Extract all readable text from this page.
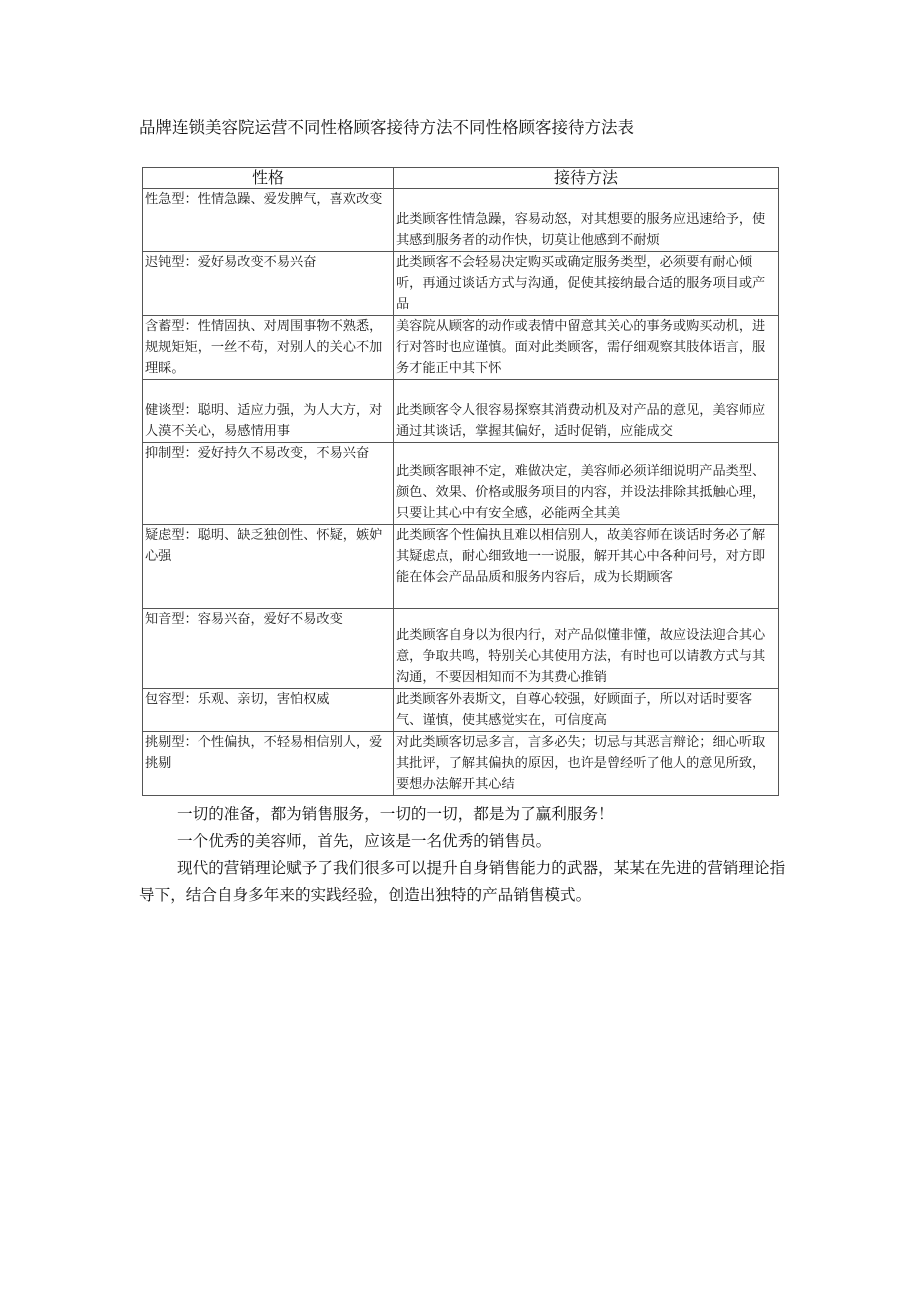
品牌连锁美容院运营不同性格顾客接待方法不同性格顾客接待方法表
性格	接待方法
性急型：性情急躁、爱发脾气，喜欢改变	此类顾客性情急躁，容易动怒，对其想要的服务应迅速给予，使其感到服务者的动作快，切莫让他感到不耐烦
迟钝型：爱好易改变不易兴奋	此类顾客不会轻易决定购买或确定服务类型，必须要有耐心倾听，再通过谈话方式与沟通，促使其接纳最合适的服务项目或产品
含蓄型：性情固执、对周围事物不熟悉，规规矩矩，一丝不苟，对别人的关心不加理睬。	美容院从顾客的动作或表情中留意其关心的事务或购买动机，进行对答时也应谨慎。面对此类顾客，需仔细观察其肢体语言，服务才能正中其下怀
健谈型：聪明、适应力强，为人大方，对人漠不关心，易感情用事	此类顾客令人很容易探察其消费动机及对产品的意见，美容师应通过其谈话，掌握其偏好，适时促销，应能成交
抑制型：爱好持久不易改变，不易兴奋	此类顾客眼神不定，难做决定，美容师必须详细说明产品类型、颜色、效果、价格或服务项目的内容，并设法排除其抵触心理，只要让其心中有安全感，必能两全其美
疑虑型：聪明、缺乏独创性、怀疑，嫉妒心强	此类顾客个性偏执且难以相信别人，故美容师在谈话时务必了解其疑虑点，耐心细致地一一说服，解开其心中各种问号，对方即能在体会产品品质和服务内容后，成为长期顾客
知音型：容易兴奋，爱好不易改变	此类顾客自身以为很内行，对产品似懂非懂，故应设法迎合其心意，争取共鸣，特别关心其使用方法，有时也可以请教方式与其沟通，不要因相知而不为其费心推销
包容型：乐观、亲切，害怕权威	此类顾客外表斯文，自尊心较强，好顾面子，所以对话时要客气、谨慎，使其感觉实在，可信度高
挑剔型：个性偏执，不轻易相信别人，爱挑剔	对此类顾客切忌多言，言多必失；切忌与其恶言辩论；细心听取其批评，了解其偏执的原因，也许是曾经听了他人的意见所致，要想办法解开其心结
一切的准备，都为销售服务，一切的一切，都是为了赢利服务！
一个优秀的美容师，首先，应该是一名优秀的销售员。
现代的营销理论赋予了我们很多可以提升自身销售能力的武器，某某在先进的营销理论指导下，结合自身多年来的实践经验，创造出独特的产品销售模式。
